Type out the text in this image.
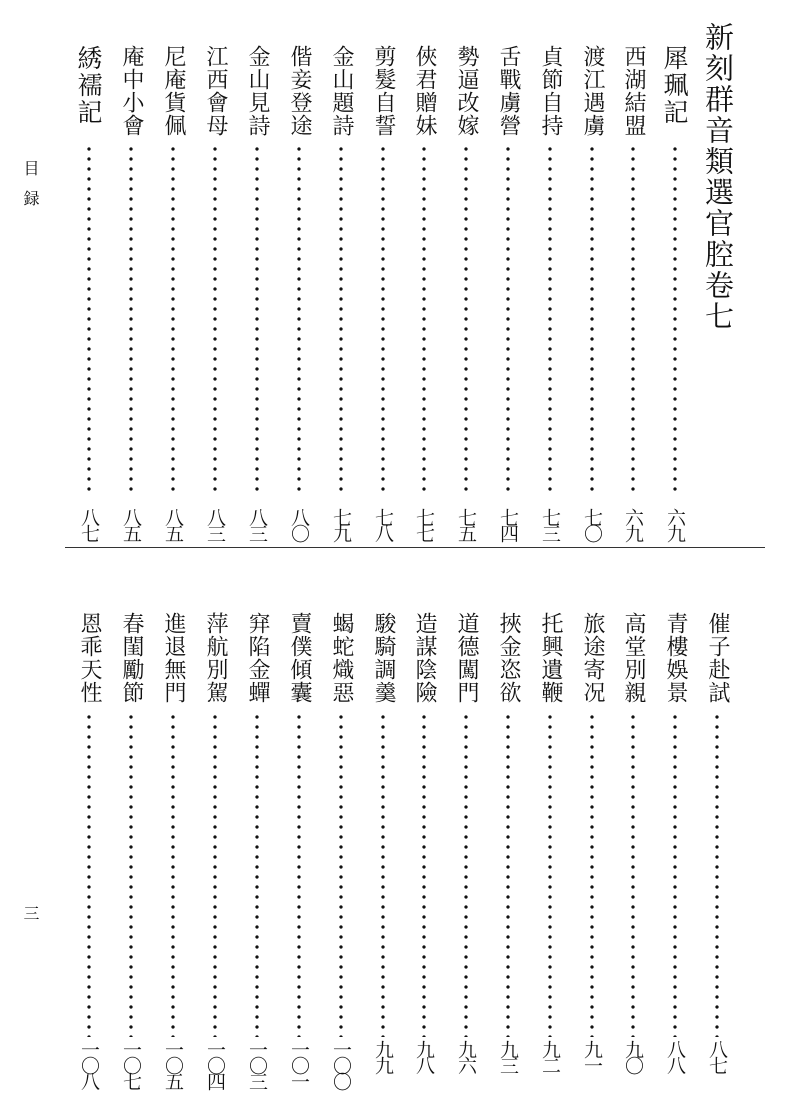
目録
三
新刻群音類選官腔卷七
犀珮記
六九
西湖結盟
六九
渡江遇虜
七〇
貞節自持
七三
舌戰虜營
七四
勢逼改嫁
七五
俠君贈妹
七七
剪髮自誓
七八
金山題詩
七九
偕妾登途
八〇
金山見詩
八三
江西會母
八三
尼庵貨佩
八五
庵中小會
八五
綉襦記
八七
催子赴試
八七
青樓娛景
八八
高堂別親
九〇
旅途寄况
九一
托興遺鞭
九二
挾金恣欲
九三
道德闖門
九六
造謀陰險
九八
駿騎調羹
九九
蝎蛇熾惡
一〇〇
賣僕傾囊
一〇一
穽陷金蟬
一〇三
萍航別駕
一〇四
進退無門
一〇五
春閨勵節
一〇七
恩乖天性
一〇八
